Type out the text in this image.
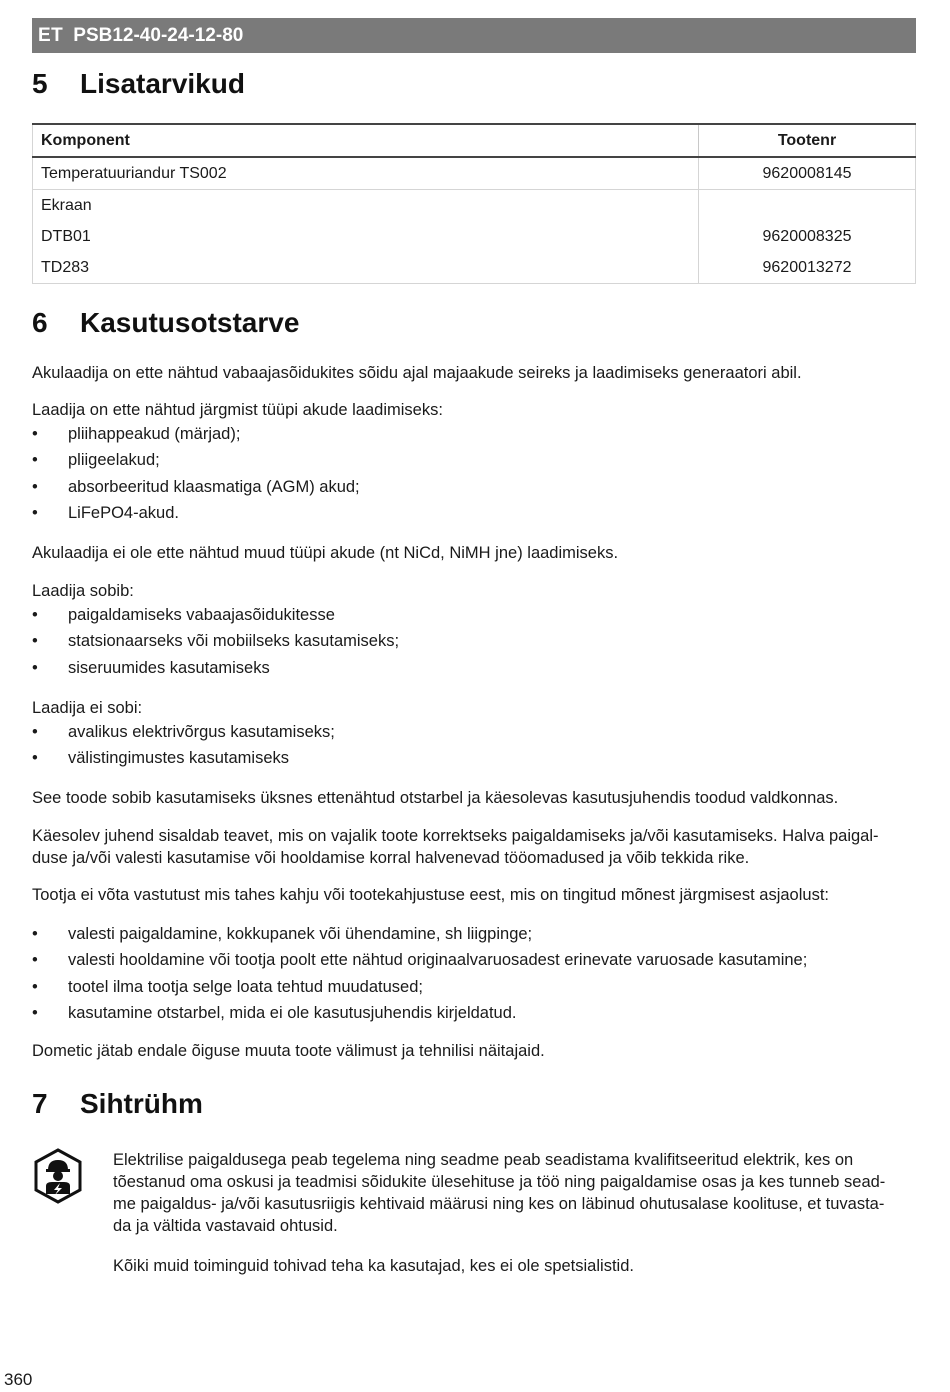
ET PSB12-40-24-12-80
5	Lisatarvikud
Komponent	Tootenr
Temperatuuriandur TS002	9620008145
Ekraan	
DTB01	9620008325
TD283	9620013272
6	Kasutusotstarve

Akulaadija on ette nähtud vabaajasõidukites sõidu ajal majaakude seireks ja laadimiseks generaatori abil.

Laadija on ette nähtud järgmist tüüpi akude laadimiseks:

• pliihappeakud (märjad);
• pliigeelakud;
• absorbeeritud klaasmatiga (AGM) akud;
• LiFePO4-akud.

Akulaadija ei ole ette nähtud muud tüüpi akude (nt NiCd, NiMH jne) laadimiseks.

Laadija sobib:

• paigaldamiseks vabaajasõidukitesse
• statsionaarseks või mobiilseks kasutamiseks;
• siseruumides kasutamiseks

Laadija ei sobi:

• avalikus elektrivõrgus kasutamiseks;
• välistingimustes kasutamiseks

See toode sobib kasutamiseks üksnes ettenähtud otstarbel ja käesolevas kasutusjuhendis toodud valdkonnas.

Käesolev juhend sisaldab teavet, mis on vajalik toote korrektseks paigaldamiseks ja/või kasutamiseks. Halva paigal-

duse ja/või valesti kasutamise või hooldamise korral halvenevad tööomadused ja võib tekkida rike.

Tootja ei võta vastutust mis tahes kahju või tootekahjustuse eest, mis on tingitud mõnest järgmisest asjaolust:

• valesti paigaldamine, kokkupanek või ühendamine, sh liigpinge;
• valesti hooldamine või tootja poolt ette nähtud originaalvaruosadest erinevate varuosade kasutamine;
• tootel ilma tootja selge loata tehtud muudatused;
• kasutamine otstarbel, mida ei ole kasutusjuhendis kirjeldatud.

Dometic jätab endale õiguse muuta toote välimust ja tehnilisi näitajaid.

7	Sihtrühm

Elektrilise paigaldusega peab tegelema ning seadme peab seadistama kvalifitseeritud elektrik, kes on

tõestanud oma oskusi ja teadmisi sõidukite ülesehituse ja töö ning paigaldamise osas ja kes tunneb sead-

me paigaldus- ja/või kasutusriigis kehtivaid määrusi ning kes on läbinud ohutusalase koolituse, et tuvasta-

da ja vältida vastavaid ohtusid.

Kõiki muid toiminguid tohivad teha ka kasutajad, kes ei ole spetsialistid.

360
